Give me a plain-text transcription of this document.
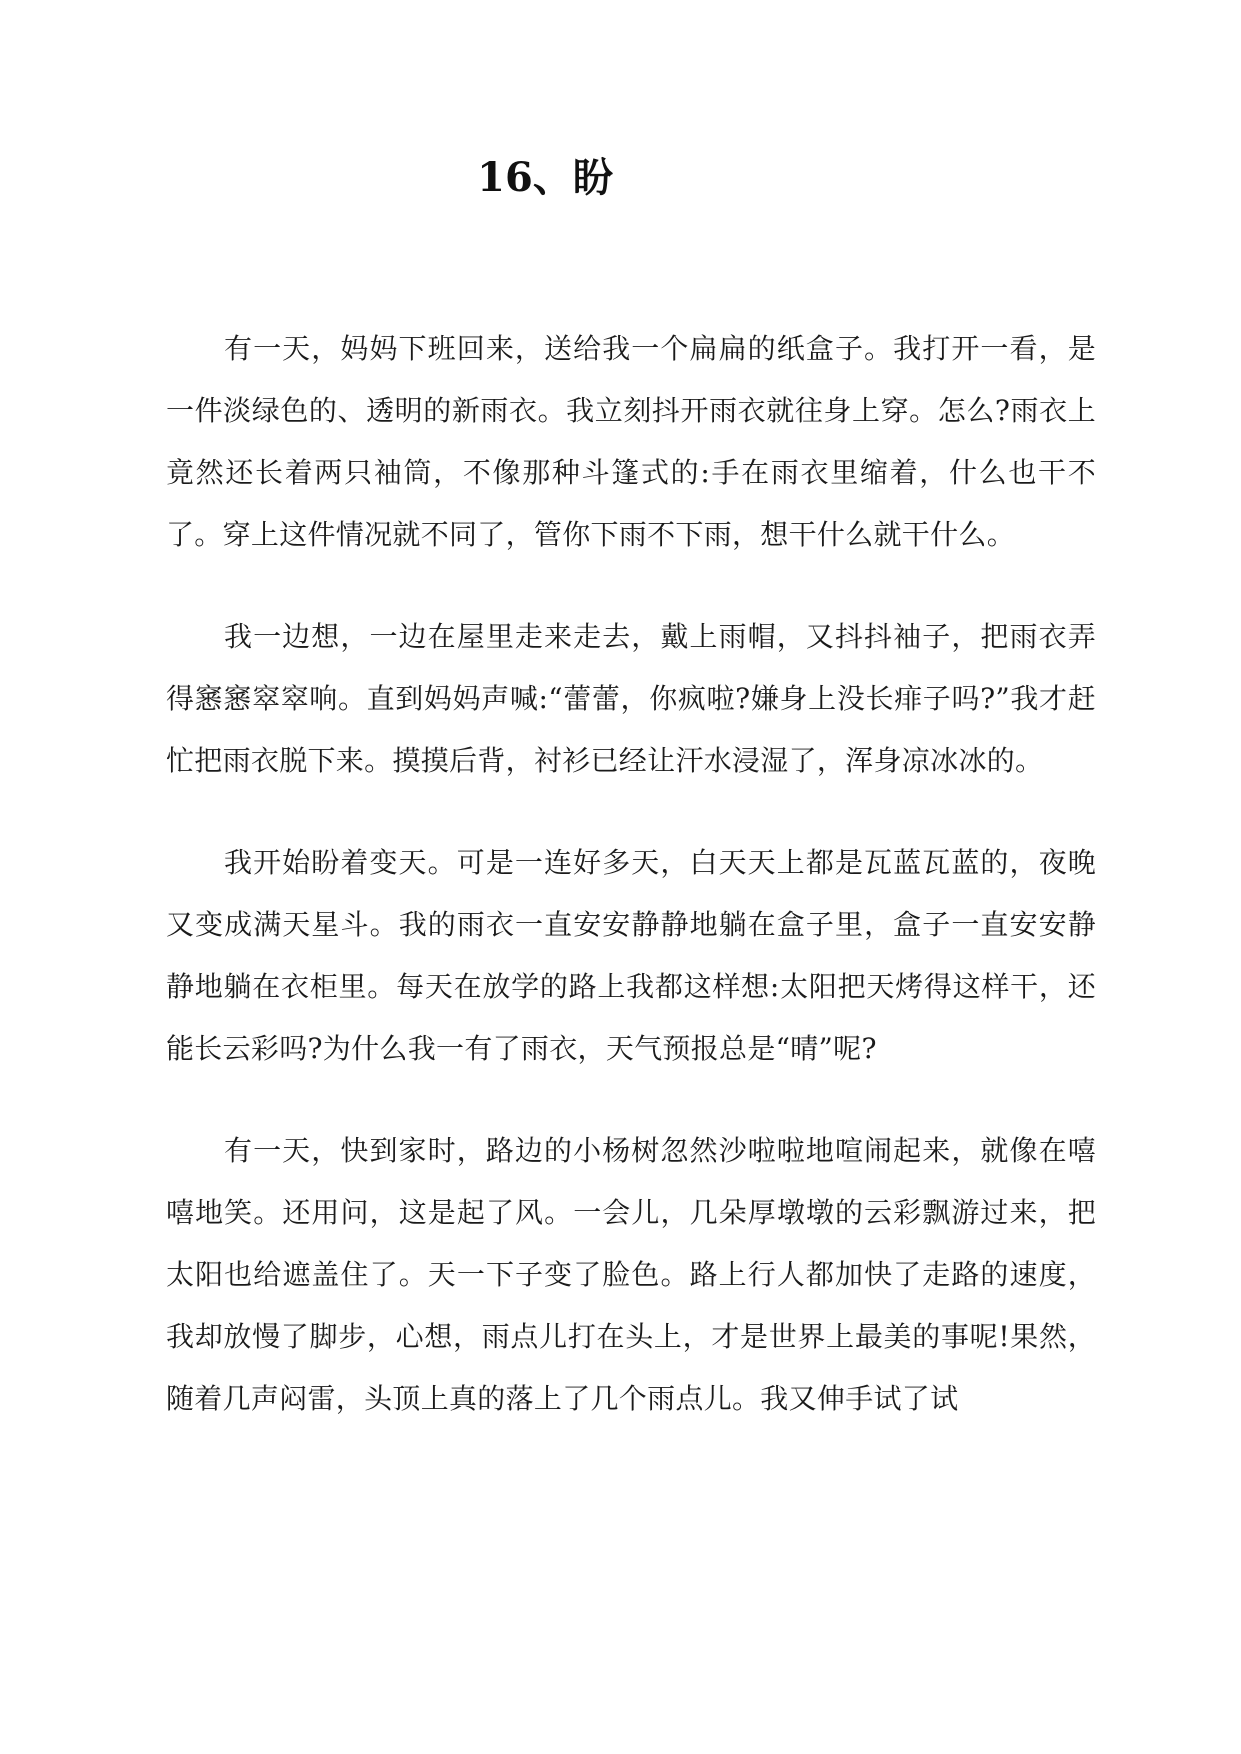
16、盼

有一天，妈妈下班回来，送给我一个扁扁的纸盒子。我打开一看，是一件淡绿色的、透明的新雨衣。我立刻抖开雨衣就往身上穿。怎么?雨衣上竟然还长着两只袖筒，不像那种斗篷式的:手在雨衣里缩着，什么也干不了。穿上这件情况就不同了，管你下雨不下雨，想干什么就干什么。

我一边想，一边在屋里走来走去，戴上雨帽，又抖抖袖子，把雨衣弄得窸窸窣窣响。直到妈妈声喊:“蕾蕾，你疯啦?嫌身上没长痱子吗?”我才赶忙把雨衣脱下来。摸摸后背，衬衫已经让汗水浸湿了，浑身凉冰冰的。

我开始盼着变天。可是一连好多天，白天天上都是瓦蓝瓦蓝的，夜晚又变成满天星斗。我的雨衣一直安安静静地躺在盒子里，盒子一直安安静静地躺在衣柜里。每天在放学的路上我都这样想:太阳把天烤得这样干，还能长云彩吗?为什么我一有了雨衣，天气预报总是“晴”呢?

有一天，快到家时，路边的小杨树忽然沙啦啦地喧闹起来，就像在嘻嘻地笑。还用问，这是起了风。一会儿，几朵厚墩墩的云彩飘游过来，把太阳也给遮盖住了。天一下子变了脸色。路上行人都加快了走路的速度，我却放慢了脚步，心想，雨点儿打在头上，才是世界上最美的事呢!果然，随着几声闷雷，头顶上真的落上了几个雨点儿。我又伸手试了试
